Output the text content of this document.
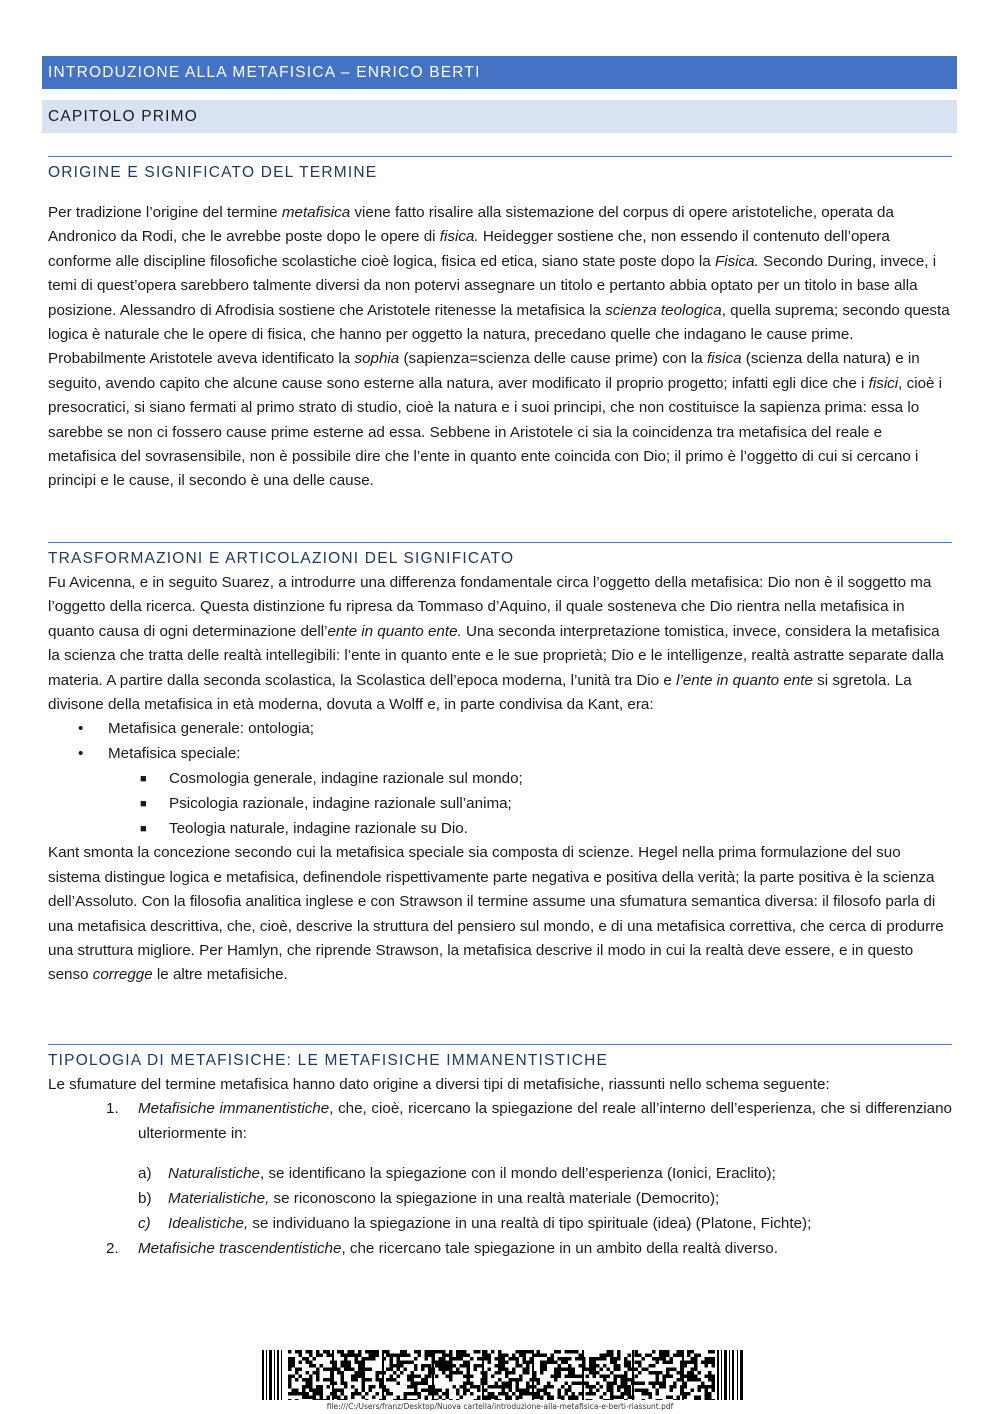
INTRODUZIONE ALLA METAFISICA – ENRICO BERTI
CAPITOLO PRIMO
ORIGINE E SIGNIFICATO DEL TERMINE

Per tradizione l’origine del termine metafisica viene fatto risalire alla sistemazione del corpus di opere aristoteliche, operata da Andronico da Rodi, che le avrebbe poste dopo le opere di fisica. Heidegger sostiene che, non essendo il contenuto dell’opera conforme alle discipline filosofiche scolastiche cioè logica, fisica ed etica, siano state poste dopo la Fisica. Secondo During, invece, i temi di quest’opera sarebbero talmente diversi da non potervi assegnare un titolo e pertanto abbia optato per un titolo in base alla posizione. Alessandro di Afrodisia sostiene che Aristotele ritenesse la metafisica la scienza teologica, quella suprema; secondo questa logica è naturale che le opere di fisica, che hanno per oggetto la natura, precedano quelle che indagano le cause prime. Probabilmente Aristotele aveva identificato la sophia (sapienza=scienza delle cause prime) con la fisica (scienza della natura) e in seguito, avendo capito che alcune cause sono esterne alla natura, aver modificato il proprio progetto; infatti egli dice che i fisici, cioè i presocratici, si siano fermati al primo strato di studio, cioè la natura e i suoi principi, che non costituisce la sapienza prima: essa lo sarebbe se non ci fossero cause prime esterne ad essa. Sebbene in Aristotele ci sia la coincidenza tra metafisica del reale e metafisica del sovrasensibile, non è possibile dire che l’ente in quanto ente coincida con Dio; il primo è l’oggetto di cui si cercano i principi e le cause, il secondo è una delle cause.

TRASFORMAZIONI E ARTICOLAZIONI DEL SIGNIFICATO

Fu Avicenna, e in seguito Suarez, a introdurre una differenza fondamentale circa l’oggetto della metafisica: Dio non è il soggetto ma l’oggetto della ricerca. Questa distinzione fu ripresa da Tommaso d’Aquino, il quale sosteneva che Dio rientra nella metafisica in quanto causa di ogni determinazione dell’ente in quanto ente. Una seconda interpretazione tomistica, invece, considera la metafisica la scienza che tratta delle realtà intellegibili: l’ente in quanto ente e le sue proprietà; Dio e le intelligenze, realtà astratte separate dalla materia. A partire dalla seconda scolastica, la Scolastica dell’epoca moderna, l’unità tra Dio e l’ente in quanto ente si sgretola. La divisone della metafisica in età moderna, dovuta a Wolff e, in parte condivisa da Kant, era:

• Metafisica generale: ontologia;
• Metafisica speciale:
■ Cosmologia generale, indagine razionale sul mondo;
■ Psicologia razionale, indagine razionale sull’anima;
■ Teologia naturale, indagine razionale su Dio.

Kant smonta la concezione secondo cui la metafisica speciale sia composta di scienze. Hegel nella prima formulazione del suo sistema distingue logica e metafisica, definendole rispettivamente parte negativa e positiva della verità; la parte positiva è la scienza dell’Assoluto. Con la filosofia analitica inglese e con Strawson il termine assume una sfumatura semantica diversa: il filosofo parla di una metafisica descrittiva, che, cioè, descrive la struttura del pensiero sul mondo, e di una metafisica correttiva, che cerca di produrre una struttura migliore. Per Hamlyn, che riprende Strawson, la metafisica descrive il modo in cui la realtà deve essere, e in questo senso corregge le altre metafisiche.

TIPOLOGIA DI METAFISICHE: LE METAFISICHE IMMANENTISTICHE

Le sfumature del termine metafisica hanno dato origine a diversi tipi di metafisiche, riassunti nello schema seguente:

1. Metafisiche immanentistiche, che, cioè, ricercano la spiegazione del reale all’interno dell’esperienza, che si differenziano ulteriormente in:
a) Naturalistiche, se identificano la spiegazione con il mondo dell’esperienza (Ionici, Eraclito);
b) Materialistiche, se riconoscono la spiegazione in una realtà materiale (Democrito);
c) Idealistiche, se individuano la spiegazione in una realtà di tipo spirituale (idea) (Platone, Fichte);
2. Metafisiche trascendentistiche, che ricercano tale spiegazione in un ambito della realtà diverso.
file:///C:/Users/franz/Desktop/Nuova cartella/introduzione-alla-metafisica-e-berti-riassunt.pdf
